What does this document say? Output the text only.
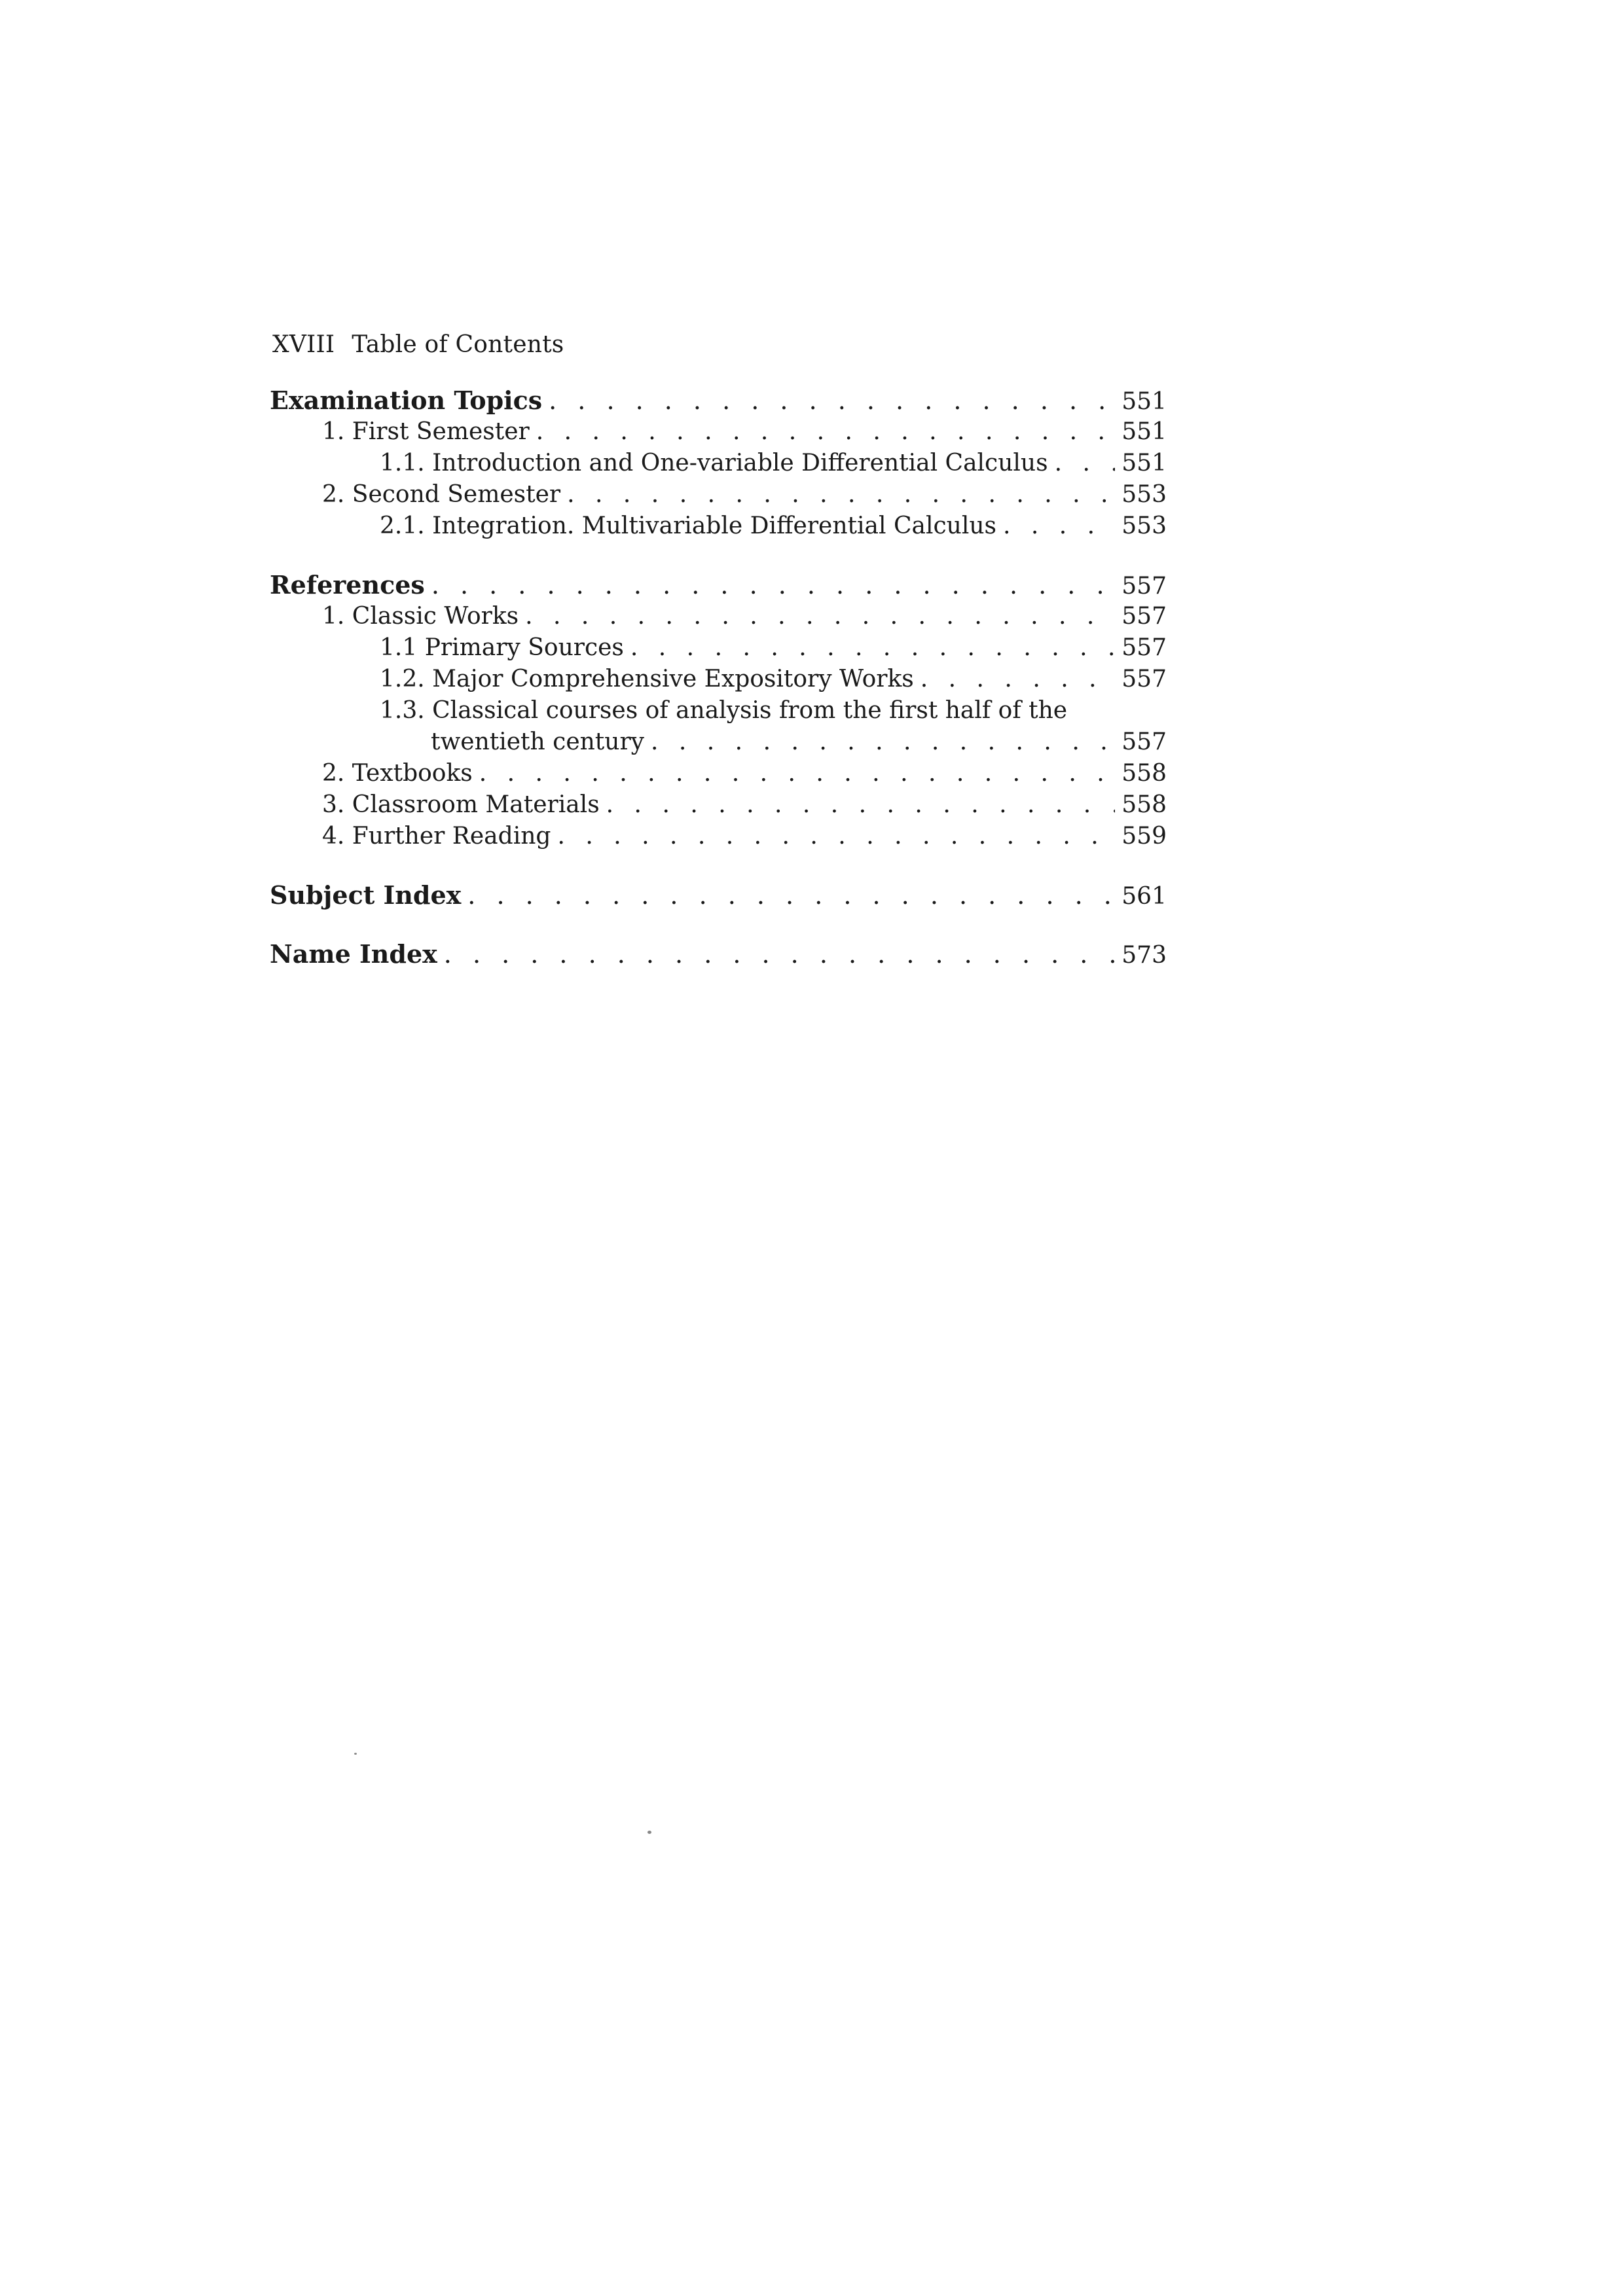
XVIII Table of Contents
Examination Topics . . .	551
1. First Semester . . .	551
1.1. Introduction and One-variable Differential Calculus . . .	551
2. Second Semester . . .	553
2.1. Integration. Multivariable Differential Calculus . . .	553
References . . .	557
1. Classic Works . . .	557
1.1 Primary Sources . . .	557
1.2. Major Comprehensive Expository Works . . .	557
1.3. Classical courses of analysis from the first half of the
twentieth century . . .	557
2. Textbooks . . .	558
3. Classroom Materials . . .	558
4. Further Reading . . .	559
Subject Index . . .	561
Name Index . . .	573
